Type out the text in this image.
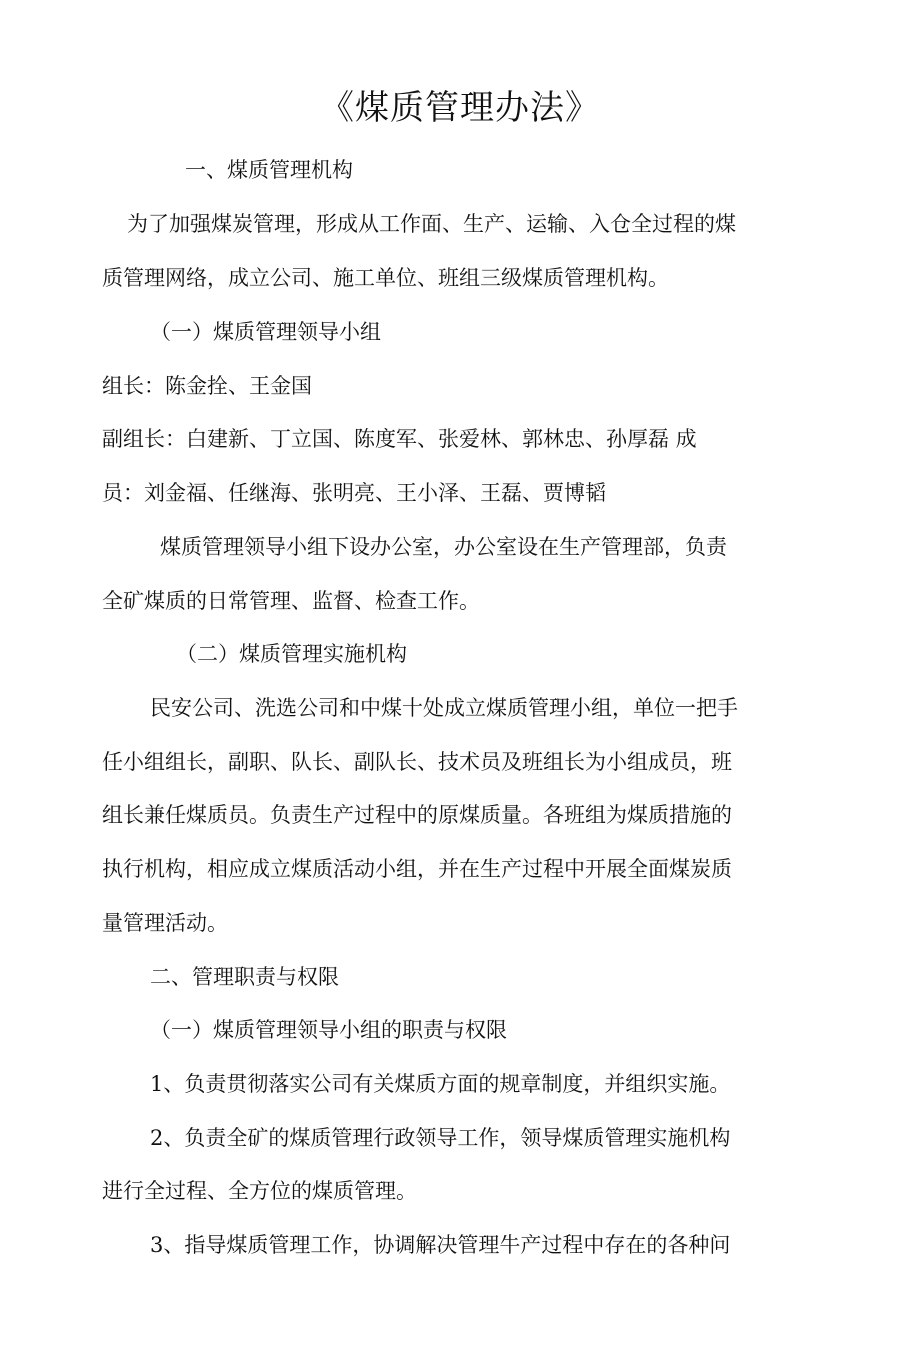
《煤质管理办法》
一、煤质管理机构
为了加强煤炭管理，形成从工作面、生产、运输、入仓全过程的煤
质管理网络，成立公司、施工单位、班组三级煤质管理机构。
（一）煤质管理领导小组
组长：陈金拴、王金国
副组长：白建新、丁立国、陈度军、张爱林、郭林忠、孙厚磊 成
员：刘金福、任继海、张明亮、王小泽、王磊、贾博韬
煤质管理领导小组下设办公室，办公室设在生产管理部，负责
全矿煤质的日常管理、监督、检查工作。
（二）煤质管理实施机构
民安公司、洗选公司和中煤十处成立煤质管理小组，单位一把手
任小组组长，副职、队长、副队长、技术员及班组长为小组成员，班
组长兼任煤质员。负责生产过程中的原煤质量。各班组为煤质措施的
执行机构，相应成立煤质活动小组，并在生产过程中开展全面煤炭质
量管理活动。
二、管理职责与权限
（一）煤质管理领导小组的职责与权限
1、负责贯彻落实公司有关煤质方面的规章制度，并组织实施。
2、负责全矿的煤质管理行政领导工作，领导煤质管理实施机构
进行全过程、全方位的煤质管理。
3、指导煤质管理工作，协调解决管理牛产过程中存在的各种问
